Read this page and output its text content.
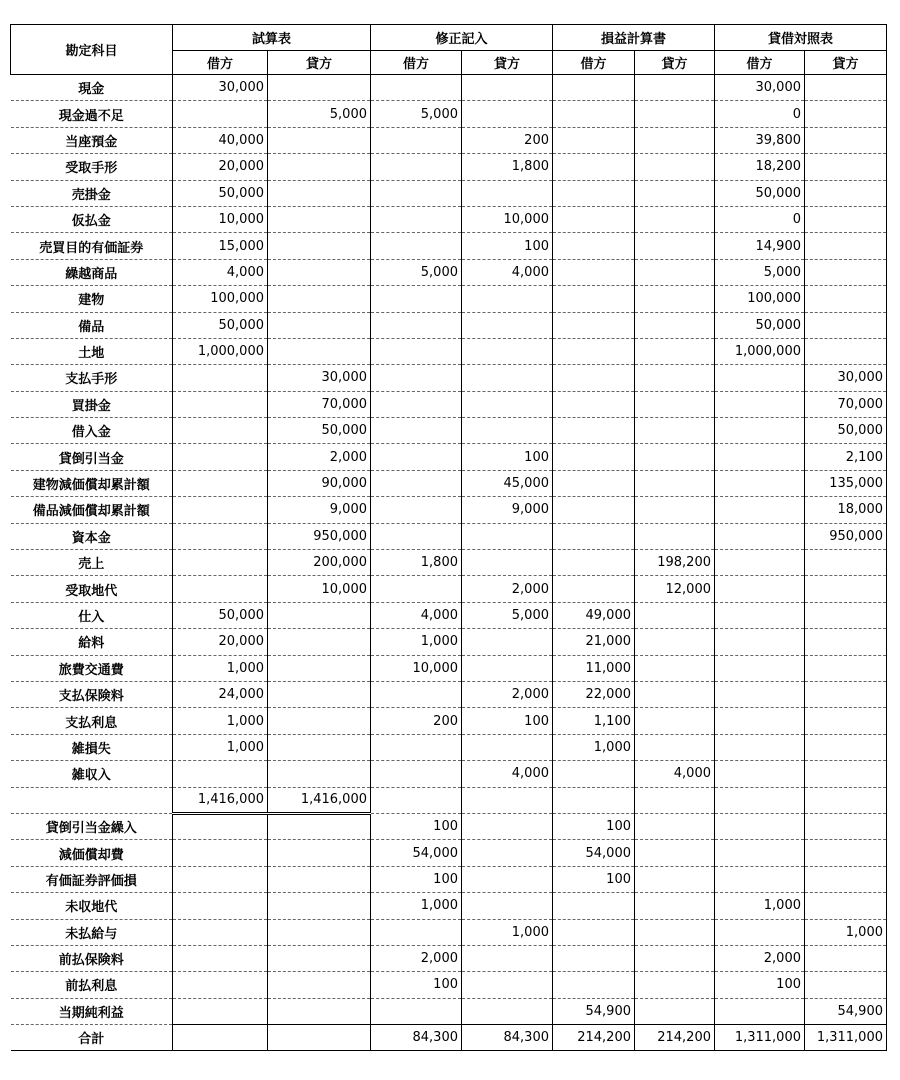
勘定科目	試算表		修正記入		損益計算書		貸借対照表	
	借方	貸方	借方	貸方	借方	貸方	借方	貸方
現金	30,000						30,000	
現金過不足		5,000	5,000				0	
当座預金	40,000			200			39,800	
受取手形	20,000			1,800			18,200	
売掛金	50,000						50,000	
仮払金	10,000			10,000			0	
売買目的有価証券	15,000			100			14,900	
繰越商品	4,000		5,000	4,000			5,000	
建物	100,000						100,000	
備品	50,000						50,000	
土地	1,000,000						1,000,000	
支払手形		30,000						30,000
買掛金		70,000						70,000
借入金		50,000						50,000
貸倒引当金		2,000		100				2,100
建物減価償却累計額		90,000		45,000				135,000
備品減価償却累計額		9,000		9,000				18,000
資本金		950,000						950,000
売上		200,000	1,800			198,200		
受取地代		10,000		2,000		12,000		
仕入	50,000		4,000	5,000	49,000			
給料	20,000		1,000		21,000			
旅費交通費	1,000		10,000		11,000			
支払保険料	24,000			2,000	22,000			
支払利息	1,000		200	100	1,100			
雑損失	1,000				1,000			
雑収入				4,000		4,000		
	1,416,000	1,416,000						
貸倒引当金繰入			100		100			
減価償却費			54,000		54,000			
有価証券評価損			100		100			
未収地代			1,000				1,000	
未払給与				1,000				1,000
前払保険料			2,000				2,000	
前払利息			100				100	
当期純利益					54,900			54,900
合計			84,300	84,300	214,200	214,200	1,311,000	1,311,000
